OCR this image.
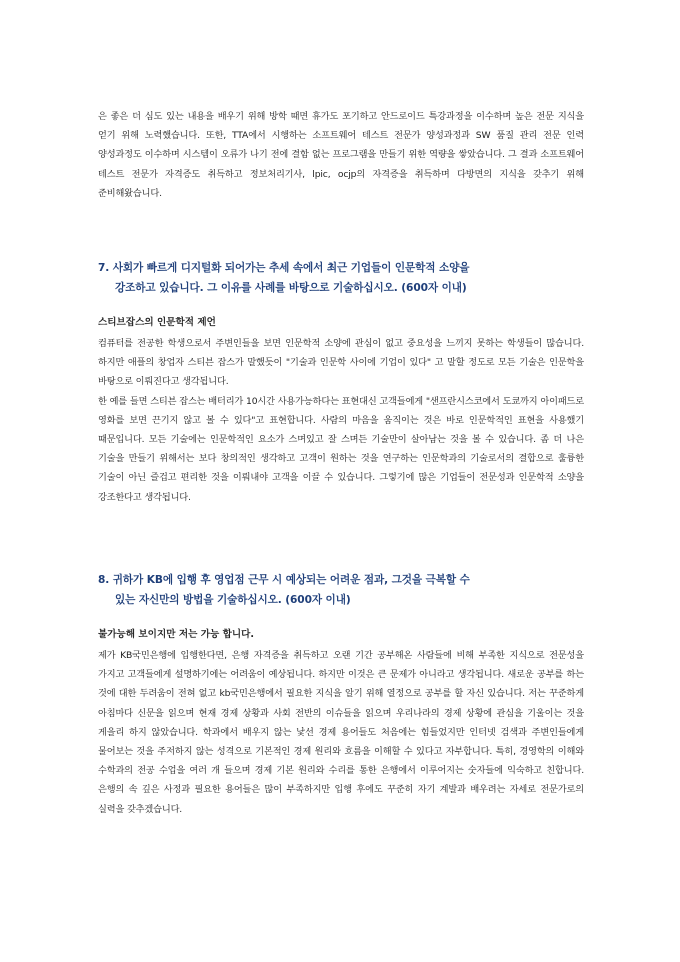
은 좋은 더 심도 있는 내용을 배우기 위해 방학 때면 휴가도 포기하고 안드로이드 특강과정을 이수하며 높은 전문 지식을 얻기 위해 노력했습니다. 또한, TTA에서 시행하는 소프트웨어 테스트 전문가 양성과정과 SW 품질 관리 전문 인력 양성과정도 이수하며 시스템이 오류가 나기 전에 결함 없는 프로그램을 만들기 위한 역량을 쌓았습니다. 그 결과 소프트웨어 테스트 전문가 자격증도 취득하고 정보처리기사, lpic, ocjp의 자격증을 취득하며 다방면의 지식을 갖추기 위해 준비해왔습니다.

7. 사회가 빠르게 디지털화 되어가는 추세 속에서 최근 기업들이 인문학적 소양을
강조하고 있습니다. 그 이유를 사례를 바탕으로 기술하십시오. (600자 이내)

스티브잡스의 인문학적 제언

컴퓨터를 전공한 학생으로서 주변인들을 보면 인문학적 소양에 관심이 없고 중요성을 느끼지 못하는 학생들이 많습니다. 하지만 애플의 창업자 스티븐 잡스가 말했듯이 "기술과 인문학 사이에 기업이 있다" 고 말할 정도로 모든 기술은 인문학을 바탕으로 이뤄진다고 생각됩니다.

한 예를 들면 스티븐 잡스는 배터리가 10시간 사용가능하다는 표현대신 고객들에게 "샌프란시스코에서 도쿄까지 아이패드로 영화를 보면 끈기지 않고 볼 수 있다"고 표현합니다. 사람의 마음을 움직이는 것은 바로 인문학적인 표현을 사용했기 때문입니다. 모든 기술에는 인문학적인 요소가 스며있고 잘 스며든 기술만이 살아남는 것을 볼 수 있습니다. 좀 더 나은 기술을 만들기 위해서는 보다 창의적인 생각하고 고객이 원하는 것을 연구하는 인문학과의 기술로서의 결합으로 훌륭한 기술이 아닌 즐겁고 편리한 것을 이뤄내야 고객을 이끌 수 있습니다. 그렇기에 많은 기업들이 전문성과 인문학적 소양을 강조한다고 생각됩니다.

8. 귀하가 KB에 입행 후 영업점 근무 시 예상되는 어려운 점과, 그것을 극복할 수
있는 자신만의 방법을 기술하십시오. (600자 이내)

불가능해 보이지만 저는 가능 합니다.

제가 KB국민은행에 입행한다면, 은행 자격증을 취득하고 오랜 기간 공부해온 사람들에 비해 부족한 지식으로 전문성을 가지고 고객들에게 설명하기에는 어려움이 예상됩니다. 하지만 이것은 큰 문제가 아니라고 생각됩니다. 새로운 공부를 하는 것에 대한 두려움이 전혀 없고 kb국민은행에서 필요한 지식을 알기 위해 열정으로 공부를 할 자신 있습니다. 저는 꾸준하게 아침마다 신문을 읽으며 현재 경제 상황과 사회 전반의 이슈들을 읽으며 우리나라의 경제 상황에 관심을 기울이는 것을 게을리 하지 않았습니다. 학과에서 배우지 않는 낯선 경제 용어들도 처음에는 힘들었지만 인터넷 검색과 주변인들에게 물어보는 것을 주저하지 않는 성격으로 기본적인 경제 원리와 흐름을 이해할 수 있다고 자부합니다. 특히, 경영학의 이해와 수학과의 전공 수업을 여러 개 들으며 경제 기본 원리와 수리를 통한 은행에서 이루어지는 숫자들에 익숙하고 친합니다. 은행의 속 깊은 사정과 필요한 용어들은 많이 부족하지만 입행 후에도 꾸준히 자기 계발과 배우려는 자세로 전문가로의 실력을 갖추겠습니다.
